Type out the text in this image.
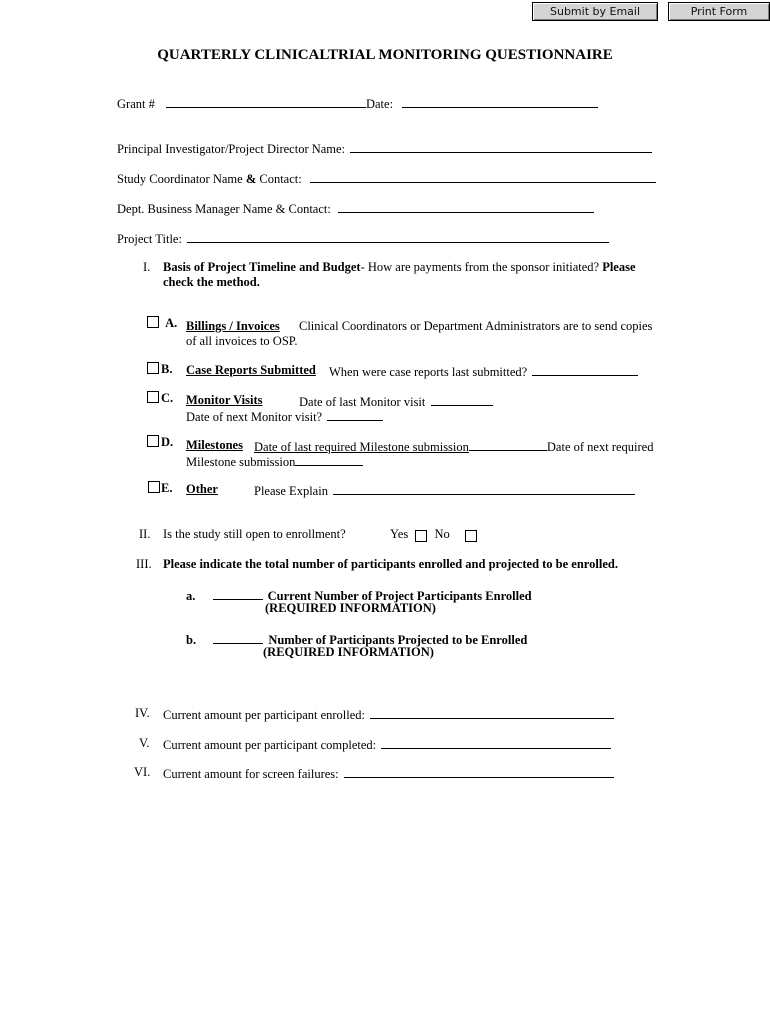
Submit by Email	Print Form
QUARTERLY CLINICALTRIAL MONITORING QUESTIONNAIRE
Grant #	Date:
Principal Investigator/Project Director Name:
Study Coordinator Name & Contact:
Dept. Business Manager Name & Contact:
Project Title:
I. Basis of Project Timeline and Budget- How are payments from the sponsor initiated? Please
check the method.
A. Billings / Invoices Clinical Coordinators or Department Administrators are to send copies
of all invoices to OSP.
B. Case Reports Submitted When were case reports last submitted?
C. Monitor Visits	Date of last Monitor visit
Date of next Monitor visit?
D. Milestones Date of last required Milestone submission	Date of next required
Milestone submission
E. Other	Please Explain
II. Is the study still open to enrollment?	Yes No
III. Please indicate the total number of participants enrolled and projected to be enrolled.
a.	Current Number of Project Participants Enrolled
(REQUIRED INFORMATION)
b.	Number of Participants Projected to be Enrolled
(REQUIRED INFORMATION)
IV. Current amount per participant enrolled:
V. Current amount per participant completed:
VI. Current amount for screen failures:
